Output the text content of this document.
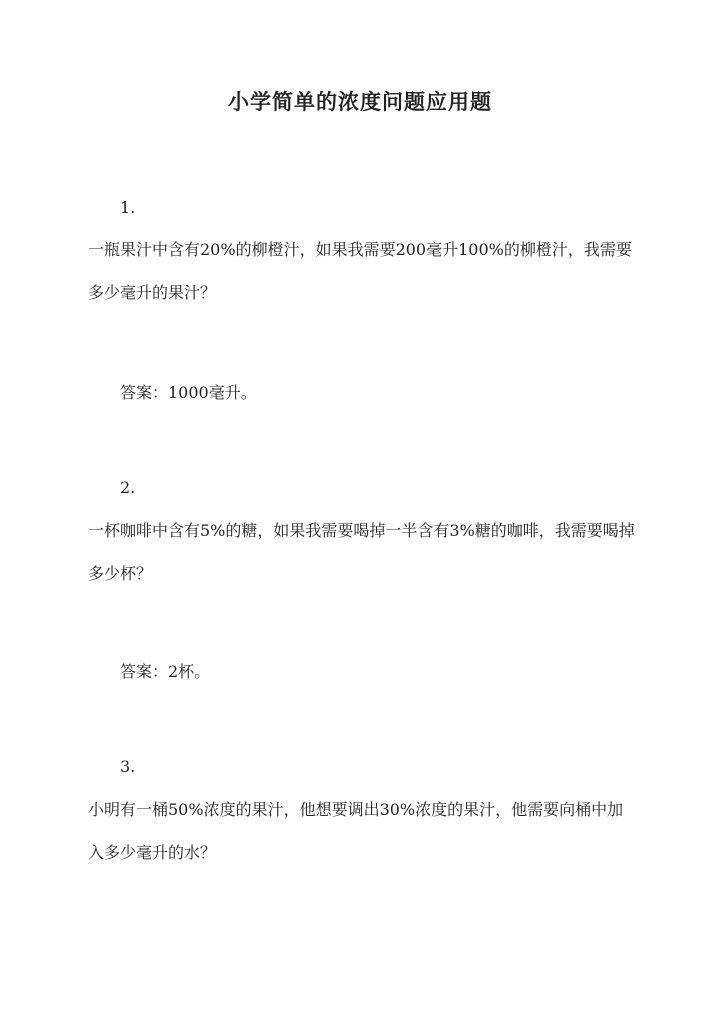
小学简单的浓度问题应用题
1.
一瓶果汁中含有20%的柳橙汁，如果我需要200毫升100%的柳橙汁，我需要多少毫升的果汁？
答案：1000毫升。
2.
一杯咖啡中含有5%的糖，如果我需要喝掉一半含有3%糖的咖啡，我需要喝掉多少杯？
答案：2杯。
3.
小明有一桶50%浓度的果汁，他想要调出30%浓度的果汁，他需要向桶中加入多少毫升的水？
